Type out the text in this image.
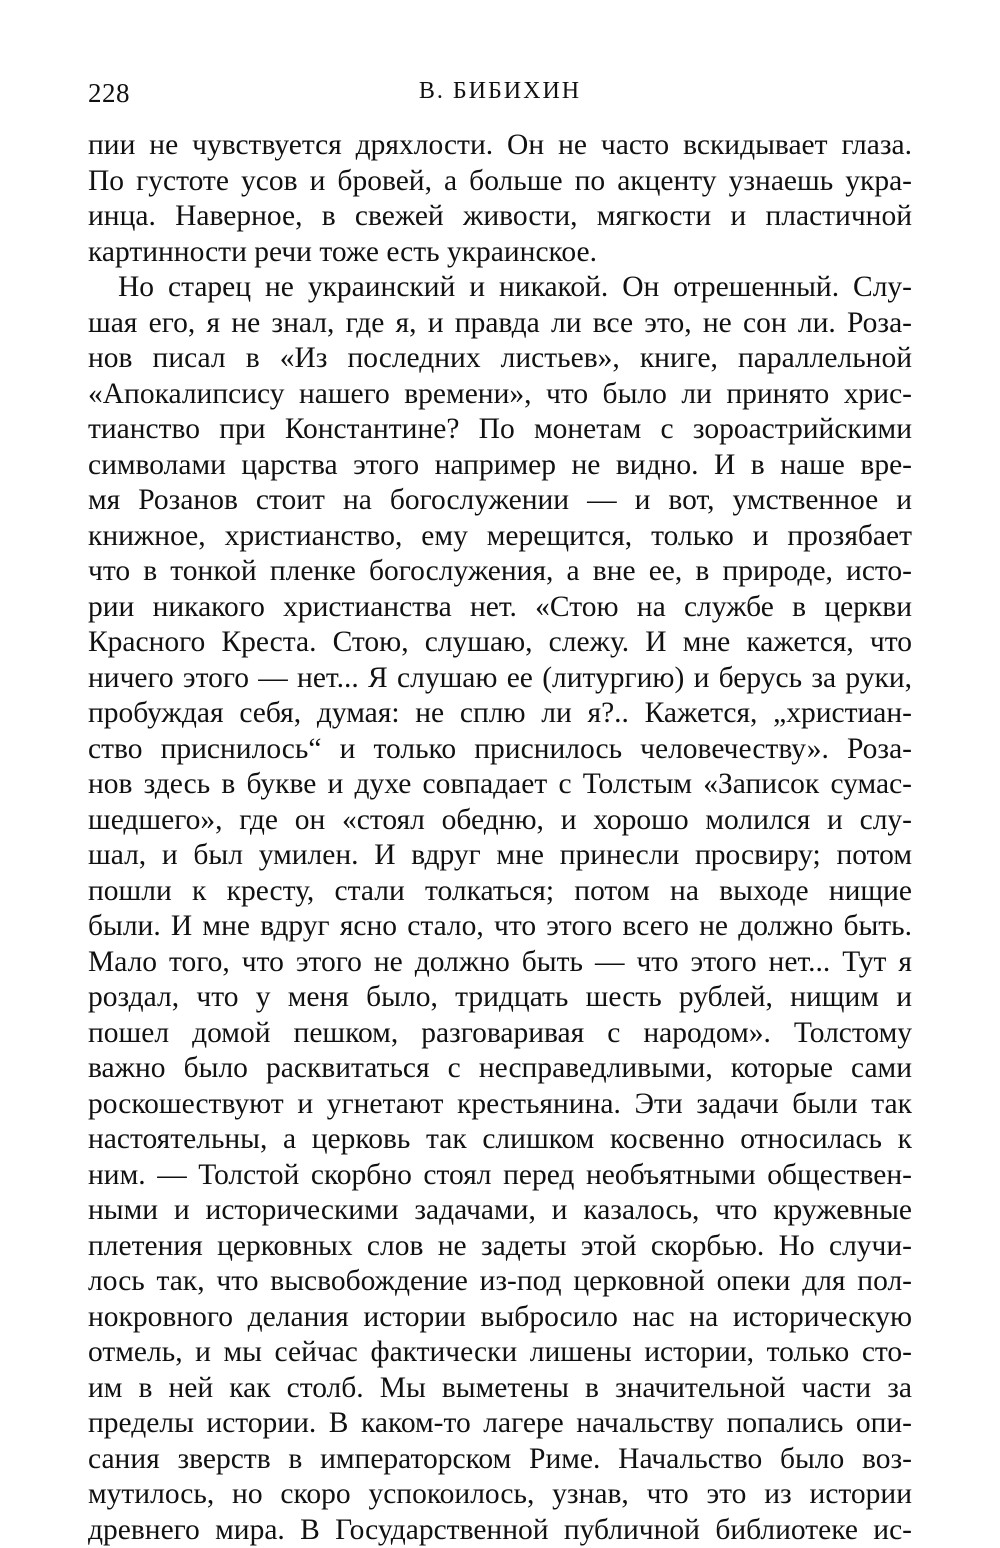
228	В. БИБИХИН
пии не чувствуется дряхлости. Он не часто вскидывает глаза.
По густоте усов и бровей, а больше по акценту узнаешь укра-
инца. Наверное, в свежей живости, мягкости и пластичной
картинности речи тоже есть украинское.
Но старец не украинский и никакой. Он отрешенный. Слу-
шая его, я не знал, где я, и правда ли все это, не сон ли. Роза-
нов писал в «Из последних листьев», книге, параллельной
«Апокалипсису нашего времени», что было ли принято хрис-
тианство при Константине? По монетам с зороастрийскими
символами царства этого например не видно. И в наше вре-
мя Розанов стоит на богослужении — и вот, умственное и
книжное, христианство, ему мерещится, только и прозябает
что в тонкой пленке богослужения, а вне ее, в природе, исто-
рии никакого христианства нет. «Стою на службе в церкви
Красного Креста. Стою, слушаю, слежу. И мне кажется, что
ничего этого — нет... Я слушаю ее (литургию) и берусь за руки,
пробуждая себя, думая: не сплю ли я?.. Кажется, „христиан-
ство приснилось“ и только приснилось человечеству». Роза-
нов здесь в букве и духе совпадает с Толстым «Записок сумас-
шедшего», где он «стоял обедню, и хорошо молился и слу-
шал, и был умилен. И вдруг мне принесли просвиру; потом
пошли к кресту, стали толкаться; потом на выходе нищие
были. И мне вдруг ясно стало, что этого всего не должно быть.
Мало того, что этого не должно быть — что этого нет... Тут я
роздал, что у меня было, тридцать шесть рублей, нищим и
пошел домой пешком, разговаривая с народом». Толстому
важно было расквитаться с несправедливыми, которые сами
роскошествуют и угнетают крестьянина. Эти задачи были так
настоятельны, а церковь так слишком косвенно относилась к
ним. — Толстой скорбно стоял перед необъятными обществен-
ными и историческими задачами, и казалось, что кружевные
плетения церковных слов не задеты этой скорбью. Но случи-
лось так, что высвобождение из-под церковной опеки для пол-
нокровного делания истории выбросило нас на историческую
отмель, и мы сейчас фактически лишены истории, только сто-
им в ней как столб. Мы выметены в значительной части за
пределы истории. В каком-то лагере начальству попались опи-
сания зверств в императорском Риме. Начальство было воз-
мутилось, но скоро успокоилось, узнав, что это из истории
древнего мира. В Государственной публичной библиотеке ис-
